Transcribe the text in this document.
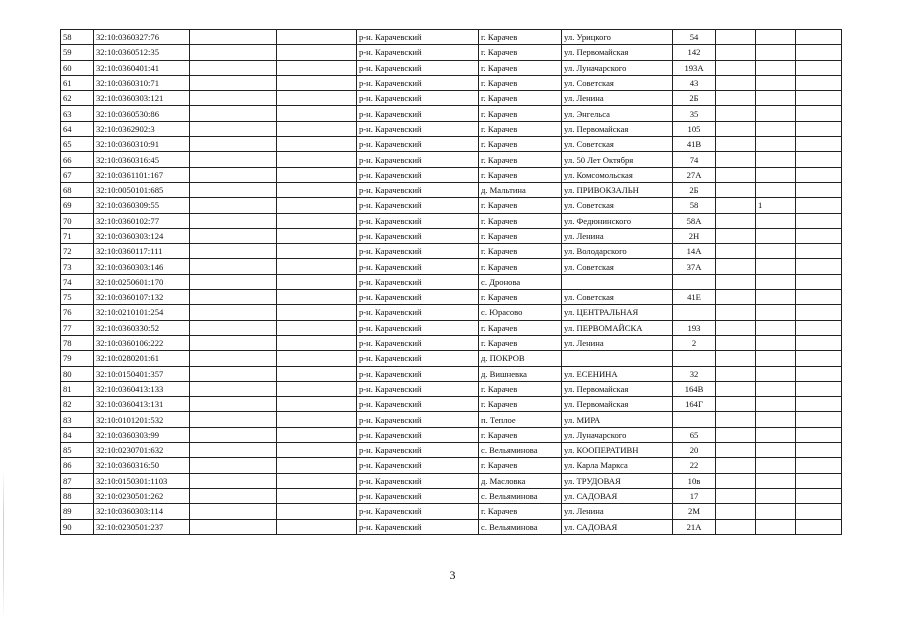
58	32:10:0360327:76			р-н. Карачевский	г. Карачев	ул. Урицкого	54			
59	32:10:0360512:35			р-н. Карачевский	г. Карачев	ул. Первомайская	142			
60	32:10:0360401:41			р-н. Карачевский	г. Карачев	ул. Луначарского	193А			
61	32:10:0360310:71			р-н. Карачевский	г. Карачев	ул. Советская	43			
62	32:10:0360303:121			р-н. Карачевский	г. Карачев	ул. Ленина	2Б			
63	32:10:0360530:86			р-н. Карачевский	г. Карачев	ул. Энгельса	35			
64	32:10:0362902:3			р-н. Карачевский	г. Карачев	ул. Первомайская	105			
65	32:10:0360310:91			р-н. Карачевский	г. Карачев	ул. Советская	41В			
66	32:10:0360316:45			р-н. Карачевский	г. Карачев	ул. 50 Лет Октября	74			
67	32:10:0361101:167			р-н. Карачевский	г. Карачев	ул. Комсомольская	27А			
68	32:10:0050101:685			р-н. Карачевский	д. Мальтина	ул. ПРИВОКЗАЛЬН	2Б			
69	32:10:0360309:55			р-н. Карачевский	г. Карачев	ул. Советская	58		1	
70	32:10:0360102:77			р-н. Карачевский	г. Карачев	ул. Федюнинского	58А			
71	32:10:0360303:124			р-н. Карачевский	г. Карачев	ул. Ленина	2Н			
72	32:10:0360117:111			р-н. Карачевский	г. Карачев	ул. Володарского	14А			
73	32:10:0360303:146			р-н. Карачевский	г. Карачев	ул. Советская	37А			
74	32:10:0250601:170			р-н. Карачевский	с. Дронова					
75	32:10:0360107:132			р-н. Карачевский	г. Карачев	ул. Советская	41Е			
76	32:10:0210101:254			р-н. Карачевский	с. Юрасово	ул. ЦЕНТРАЛЬНАЯ				
77	32:10:0360330:52			р-н. Карачевский	г. Карачев	ул. ПЕРВОМАЙСКА	193			
78	32:10:0360106:222			р-н. Карачевский	г. Карачев	ул. Ленина	2			
79	32:10:0280201:61			р-н. Карачевский	д. ПОКРОВ					
80	32:10:0150401:357			р-н. Карачевский	д. Вишневка	ул. ЕСЕНИНА	32			
81	32:10:0360413:133			р-н. Карачевский	г. Карачев	ул. Первомайская	164В			
82	32:10:0360413:131			р-н. Карачевский	г. Карачев	ул. Первомайская	164Г			
83	32:10:0101201:532			р-н. Карачевский	п. Теплое	ул. МИРА				
84	32:10:0360303:99			р-н. Карачевский	г. Карачев	ул. Луначарского	65			
85	32:10:0230701:632			р-н. Карачевский	с. Вельяминова	ул. КООПЕРАТИВН	20			
86	32:10:0360316:50			р-н. Карачевский	г. Карачев	ул. Карла Маркса	22			
87	32:10:0150301:1103			р-н. Карачевский	д. Масловка	ул. ТРУДОВАЯ	10в			
88	32:10:0230501:262			р-н. Карачевский	с. Вельяминова	ул. САДОВАЯ	17			
89	32:10:0360303:114			р-н. Карачевский	г. Карачев	ул. Ленина	2М			
90	32:10:0230501:237			р-н. Карачевский	с. Вельяминова	ул. САДОВАЯ	21А			
3
